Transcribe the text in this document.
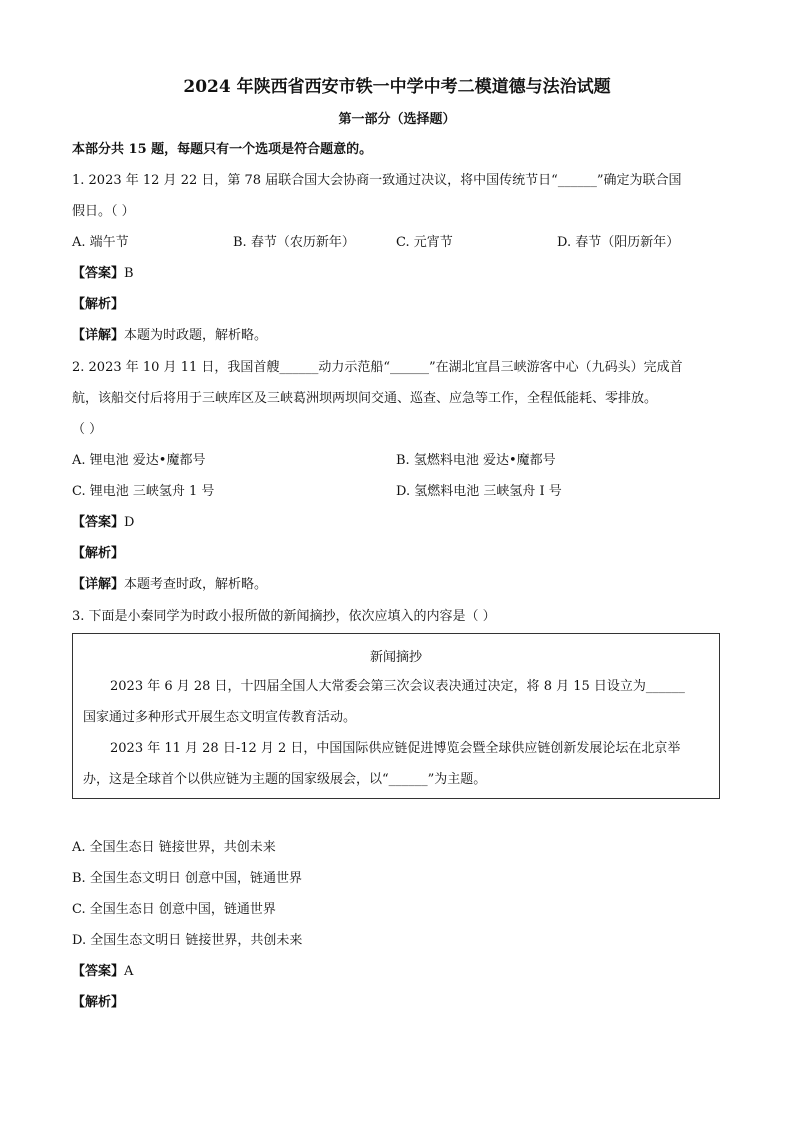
2024 年陕西省西安市铁一中学中考二模道德与法治试题
第一部分（选择题）
本部分共 15 题，每题只有一个选项是符合题意的。
1. 2023 年 12 月 22 日，第 78 届联合国大会协商一致通过决议，将中国传统节日“______”确定为联合国
假日。（ ）
A. 端午节	B. 春节（农历新年）	C. 元宵节	D. 春节（阳历新年）
【答案】B
【解析】
【详解】本题为时政题，解析略。
2. 2023 年 10 月 11 日，我国首艘______动力示范船“______”在湖北宜昌三峡游客中心（九码头）完成首
航，该船交付后将用于三峡库区及三峡葛洲坝两坝间交通、巡查、应急等工作，全程低能耗、零排放。
（ ）
A. 锂电池 爱达•魔都号	B. 氢燃料电池 爱达•魔都号
C. 锂电池 三峡氢舟 1 号	D. 氢燃料电池 三峡氢舟 I 号
【答案】D
【解析】
【详解】本题考查时政，解析略。
3. 下面是小秦同学为时政小报所做的新闻摘抄，依次应填入的内容是（ ）
新闻摘抄
2023 年 6 月 28 日，十四届全国人大常委会第三次会议表决通过决定，将 8 月 15 日设立为______
国家通过多种形式开展生态文明宣传教育活动。
2023 年 11 月 28 日-12 月 2 日，中国国际供应链促进博览会暨全球供应链创新发展论坛在北京举
办，这是全球首个以供应链为主题的国家级展会，以“______”为主题。
A. 全国生态日 链接世界，共创未来
B. 全国生态文明日 创意中国，链通世界
C. 全国生态日 创意中国，链通世界
D. 全国生态文明日 链接世界，共创未来
【答案】A
【解析】
